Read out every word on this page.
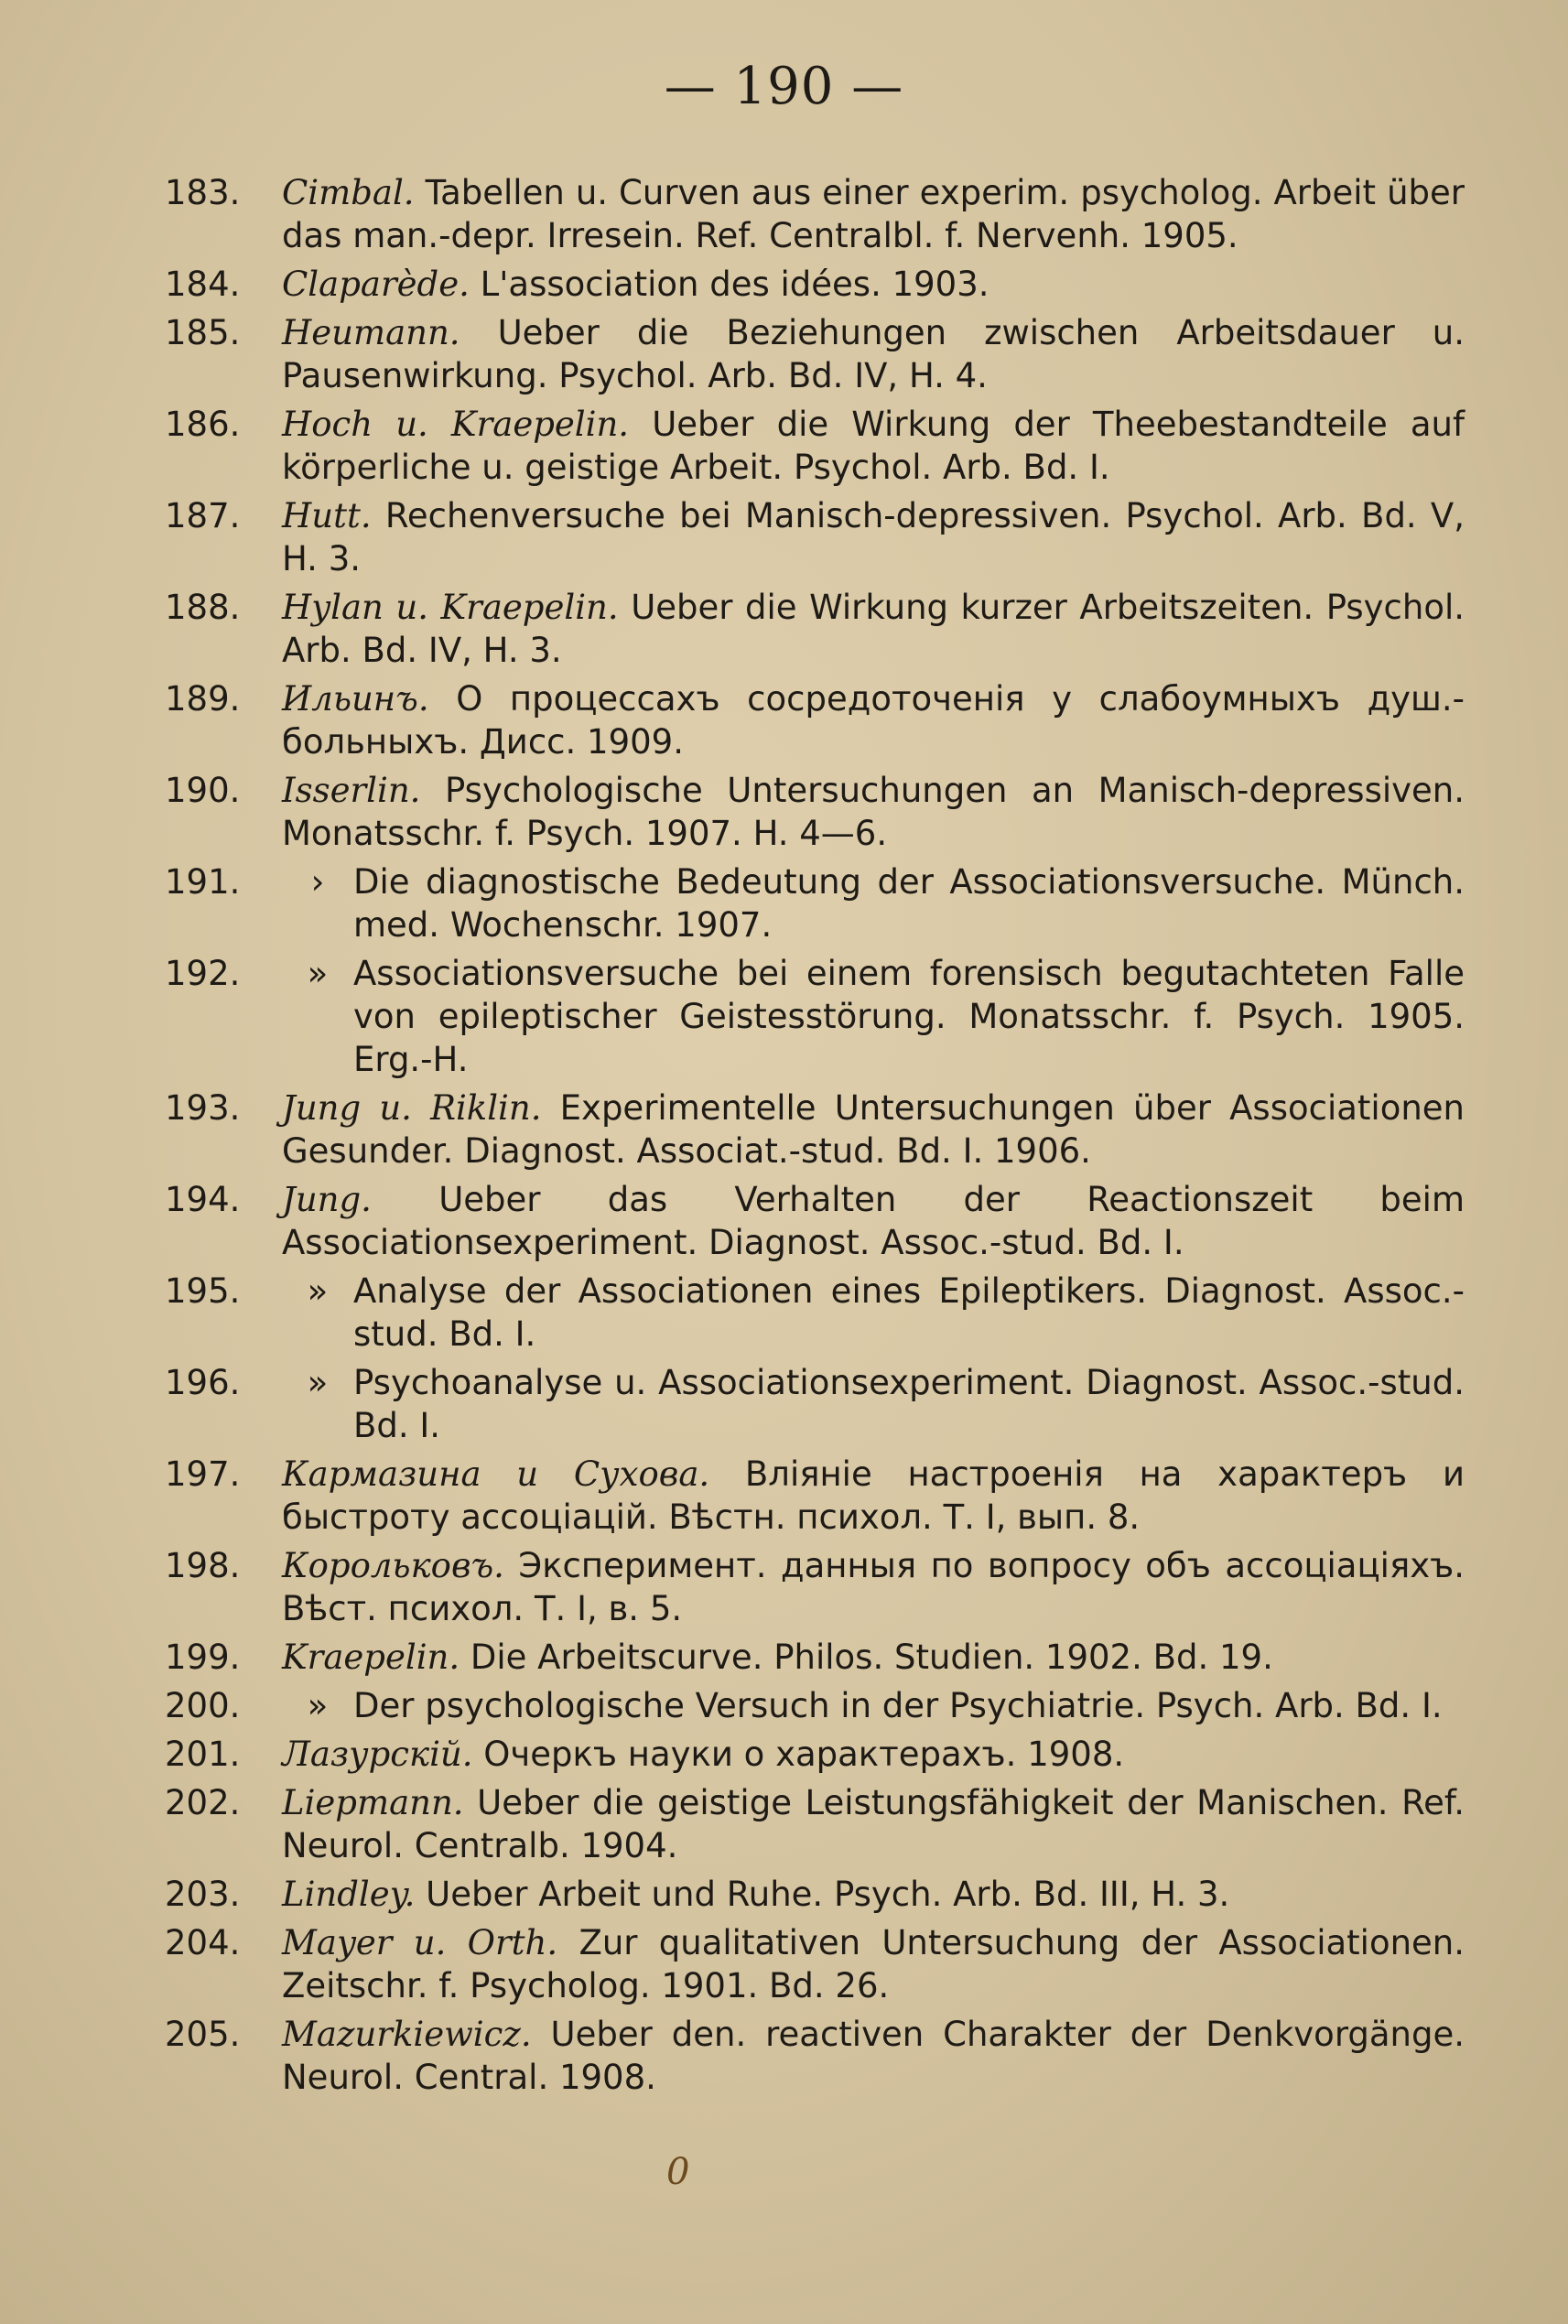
— 190 —
183.	Cimbal. Tabellen u. Curven aus einer experim. psycholog. Arbeit über das man.-depr. Irresein. Ref. Centralbl. f. Nervenh. 1905.
184.	Claparède. L'association des idées. 1903.
185.	Heumann. Ueber die Beziehungen zwischen Arbeitsdauer u. Pausenwirkung. Psychol. Arb. Bd. IV, H. 4.
186.	Hoch u. Kraepelin. Ueber die Wirkung der Theebestandteile auf körperliche u. geistige Arbeit. Psychol. Arb. Bd. I.
187.	Hutt. Rechenversuche bei Manisch-depressiven. Psychol. Arb. Bd. V, H. 3.
188.	Hylan u. Kraepelin. Ueber die Wirkung kurzer Arbeitszeiten. Psychol. Arb. Bd. IV, H. 3.
189.	Ильинъ. О процессахъ сосредоточенія у слабоумныхъ душ.-больныхъ. Дисс. 1909.
190.	Isserlin. Psychologische Untersuchungen an Manisch-depressiven. Monatsschr. f. Psych. 1907. H. 4—6.
191.	› Die diagnostische Bedeutung der Associationsversuche. Münch. med. Wochenschr. 1907.
192.	» Associationsversuche bei einem forensisch begutachteten Falle von epileptischer Geistesstörung. Monatsschr. f. Psych. 1905. Erg.-H.
193.	Jung u. Riklin. Experimentelle Untersuchungen über Associationen Gesunder. Diagnost. Associat.-stud. Bd. I. 1906.
194.	Jung. Ueber das Verhalten der Reactionszeit beim Associationsexperiment. Diagnost. Assoc.-stud. Bd. I.
195.	» Analyse der Associationen eines Epileptikers. Diagnost. Assoc.-stud. Bd. I.
196.	» Psychoanalyse u. Associationsexperiment. Diagnost. Assoc.-stud. Bd. I.
197.	Кармазина и Сухова. Вліяніе настроенія на характеръ и быстроту ассоціацій. Вѣстн. психол. Т. I, вып. 8.
198.	Корольковъ. Эксперимент. данныя по вопросу объ ассоціаціяхъ. Вѣст. психол. Т. I, в. 5.
199.	Kraepelin. Die Arbeitscurve. Philos. Studien. 1902. Bd. 19.
200.	» Der psychologische Versuch in der Psychiatrie. Psych. Arb. Bd. I.
201.	Лазурскій. Очеркъ науки о характерахъ. 1908.
202.	Liepmann. Ueber die geistige Leistungsfähigkeit der Manischen. Ref. Neurol. Centralb. 1904.
203.	Lindley. Ueber Arbeit und Ruhe. Psych. Arb. Bd. III, H. 3.
204.	Mayer u. Orth. Zur qualitativen Untersuchung der Associationen. Zeitschr. f. Psycholog. 1901. Bd. 26.
205.	Mazurkiewicz. Ueber den. reactiven Charakter der Denkvorgänge. Neurol. Central. 1908.
0
